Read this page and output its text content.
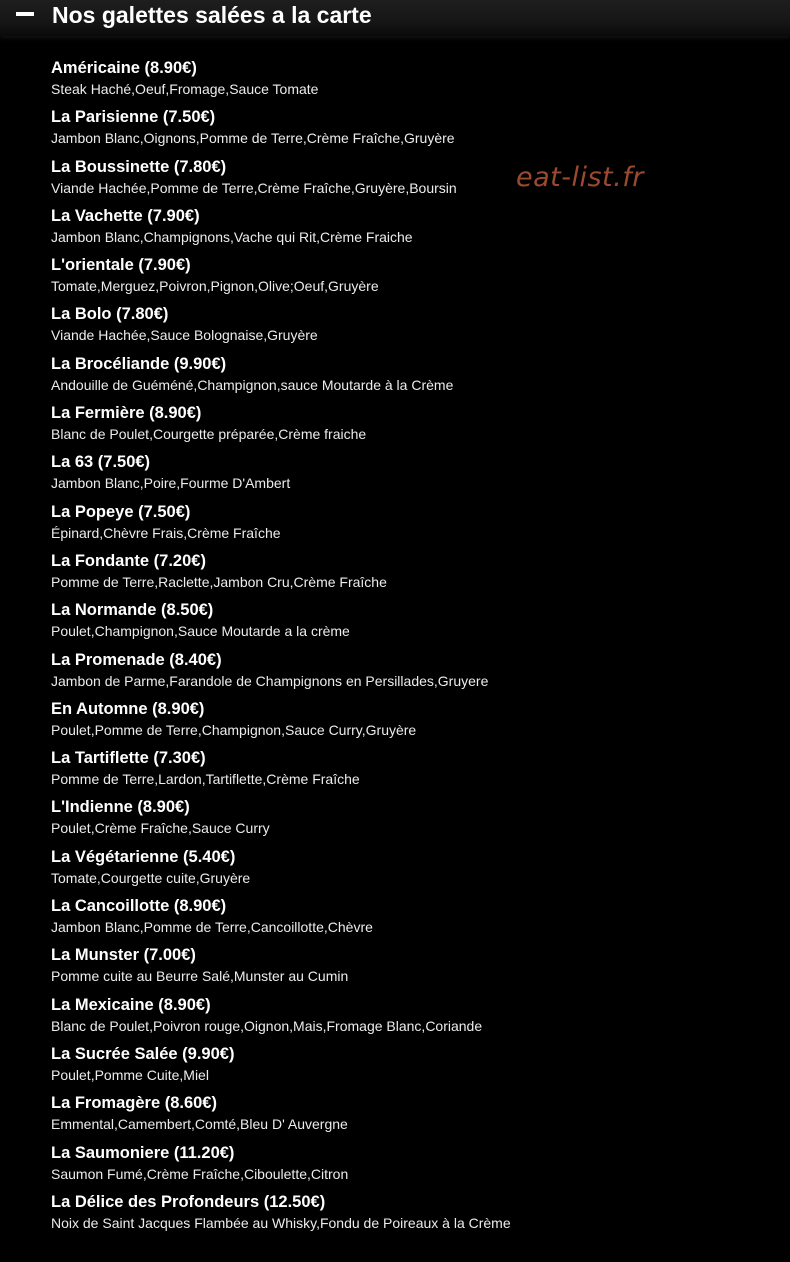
Nos galettes salées a la carte
eat-list.fr
Américaine (8.90€)
Steak Haché,Oeuf,Fromage,Sauce Tomate
La Parisienne (7.50€)
Jambon Blanc,Oignons,Pomme de Terre,Crème Fraîche,Gruyère
La Boussinette (7.80€)
Viande Hachée,Pomme de Terre,Crème Fraîche,Gruyère,Boursin
La Vachette (7.90€)
Jambon Blanc,Champignons,Vache qui Rit,Crème Fraiche
L'orientale (7.90€)
Tomate,Merguez,Poivron,Pignon,Olive;Oeuf,Gruyère
La Bolo (7.80€)
Viande Hachée,Sauce Bolognaise,Gruyère
La Brocéliande (9.90€)
Andouille de Guéméné,Champignon,sauce Moutarde à la Crème
La Fermière (8.90€)
Blanc de Poulet,Courgette préparée,Crème fraiche
La 63 (7.50€)
Jambon Blanc,Poire,Fourme D'Ambert
La Popeye (7.50€)
Épinard,Chèvre Frais,Crème Fraîche
La Fondante (7.20€)
Pomme de Terre,Raclette,Jambon Cru,Crème Fraîche
La Normande (8.50€)
Poulet,Champignon,Sauce Moutarde a la crème
La Promenade (8.40€)
Jambon de Parme,Farandole de Champignons en Persillades,Gruyere
En Automne (8.90€)
Poulet,Pomme de Terre,Champignon,Sauce Curry,Gruyère
La Tartiflette (7.30€)
Pomme de Terre,Lardon,Tartiflette,Crème Fraîche
L'Indienne (8.90€)
Poulet,Crème Fraîche,Sauce Curry
La Végétarienne (5.40€)
Tomate,Courgette cuite,Gruyère
La Cancoillotte (8.90€)
Jambon Blanc,Pomme de Terre,Cancoillotte,Chèvre
La Munster (7.00€)
Pomme cuite au Beurre Salé,Munster au Cumin
La Mexicaine (8.90€)
Blanc de Poulet,Poivron rouge,Oignon,Mais,Fromage Blanc,Coriande
La Sucrée Salée (9.90€)
Poulet,Pomme Cuite,Miel
La Fromagère (8.60€)
Emmental,Camembert,Comté,Bleu D' Auvergne
La Saumoniere (11.20€)
Saumon Fumé,Crème Fraîche,Ciboulette,Citron
La Délice des Profondeurs (12.50€)
Noix de Saint Jacques Flambée au Whisky,Fondu de Poireaux à la Crème
